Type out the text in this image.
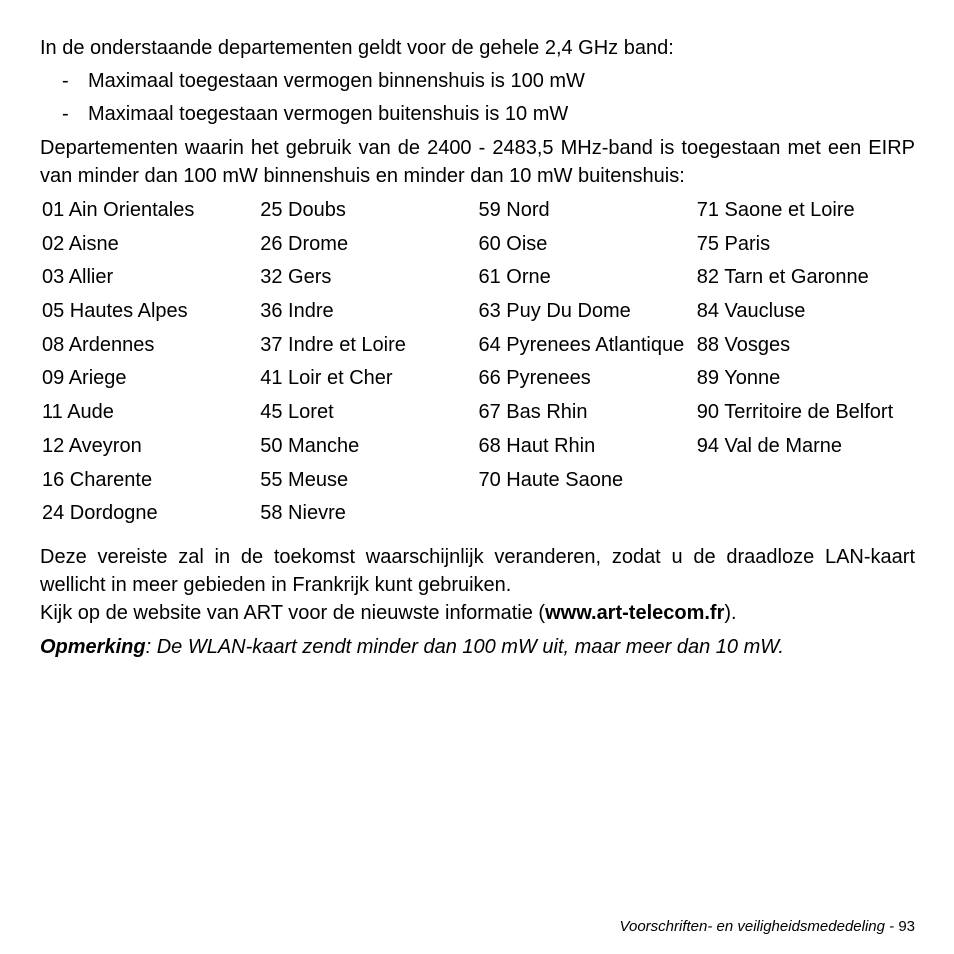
In de onderstaande departementen geldt voor de gehele 2,4 GHz band:

- Maximaal toegestaan vermogen binnenshuis is 100 mW
- Maximaal toegestaan vermogen buitenshuis is 10 mW

Departementen waarin het gebruik van de 2400 - 2483,5 MHz-band is toegestaan met een EIRP van minder dan 100 mW binnenshuis en minder dan 10 mW buitenshuis:

01 Ain Orientales
02 Aisne
03 Allier
05 Hautes Alpes
08 Ardennes
09 Ariege
11 Aude
12 Aveyron
16 Charente
24 Dordogne
25 Doubs
26 Drome
32 Gers
36 Indre
37 Indre et Loire
41 Loir et Cher
45 Loret
50 Manche
55 Meuse
58 Nievre
59 Nord
60 Oise
61 Orne
63 Puy Du Dome
64 Pyrenees Atlantique
66 Pyrenees
67 Bas Rhin
68 Haut Rhin
70 Haute Saone
71 Saone et Loire
75 Paris
82 Tarn et Garonne
84 Vaucluse
88 Vosges
89 Yonne
90 Territoire de Belfort
94 Val de Marne

Deze vereiste zal in de toekomst waarschijnlijk veranderen, zodat u de draadloze LAN-kaart wellicht in meer gebieden in Frankrijk kunt gebruiken.

Kijk op de website van ART voor de nieuwste informatie (www.art-telecom.fr).

Opmerking: De WLAN-kaart zendt minder dan 100 mW uit, maar meer dan 10 mW.

Voorschriften- en veiligheidsmededeling - 93
